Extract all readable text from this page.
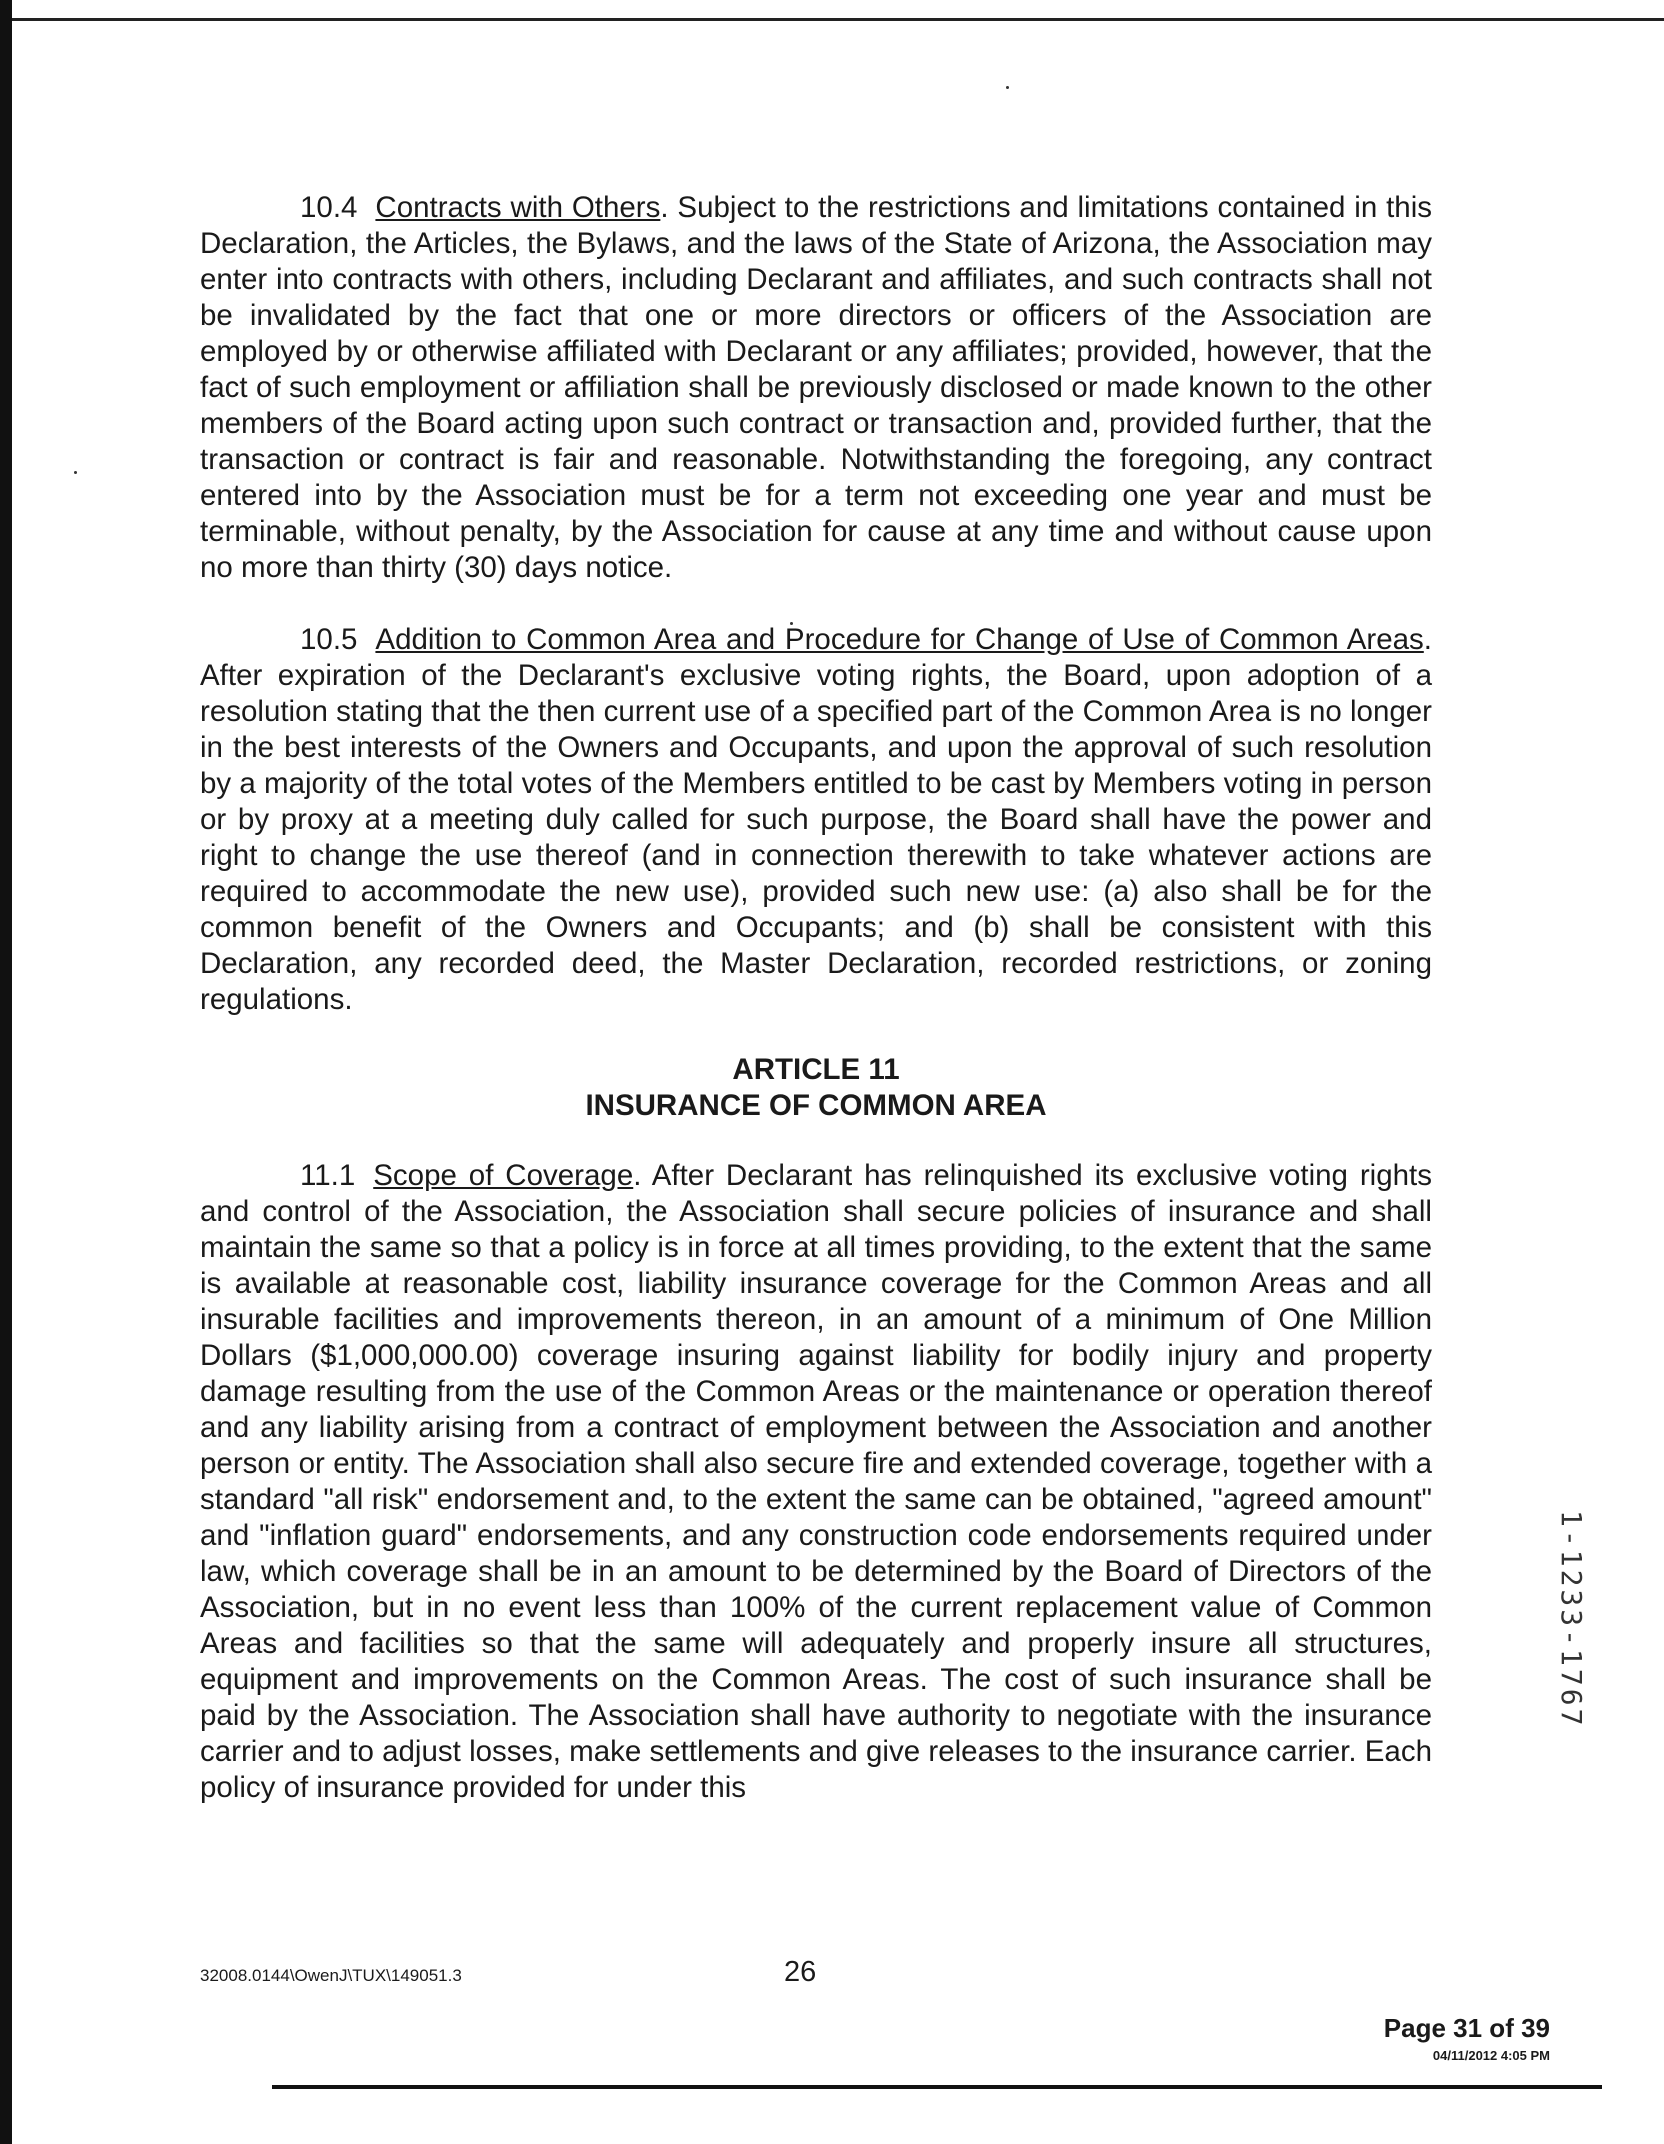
10.4 Contracts with Others. Subject to the restrictions and limitations contained in this Declaration, the Articles, the Bylaws, and the laws of the State of Arizona, the Association may enter into contracts with others, including Declarant and affiliates, and such contracts shall not be invalidated by the fact that one or more directors or officers of the Association are employed by or otherwise affiliated with Declarant or any affiliates; provided, however, that the fact of such employment or affiliation shall be previously disclosed or made known to the other members of the Board acting upon such contract or transaction and, provided further, that the transaction or contract is fair and reasonable. Notwithstanding the foregoing, any contract entered into by the Association must be for a term not exceeding one year and must be terminable, without penalty, by the Association for cause at any time and without cause upon no more than thirty (30) days notice.

10.5 Addition to Common Area and Procedure for Change of Use of Common Areas. After expiration of the Declarant's exclusive voting rights, the Board, upon adoption of a resolution stating that the then current use of a specified part of the Common Area is no longer in the best interests of the Owners and Occupants, and upon the approval of such resolution by a majority of the total votes of the Members entitled to be cast by Members voting in person or by proxy at a meeting duly called for such purpose, the Board shall have the power and right to change the use thereof (and in connection therewith to take whatever actions are required to accommodate the new use), provided such new use: (a) also shall be for the common benefit of the Owners and Occupants; and (b) shall be consistent with this Declaration, any recorded deed, the Master Declaration, recorded restrictions, or zoning regulations.

ARTICLE 11
INSURANCE OF COMMON AREA

11.1 Scope of Coverage. After Declarant has relinquished its exclusive voting rights and control of the Association, the Association shall secure policies of insurance and shall maintain the same so that a policy is in force at all times providing, to the extent that the same is available at reasonable cost, liability insurance coverage for the Common Areas and all insurable facilities and improvements thereon, in an amount of a minimum of One Million Dollars ($1,000,000.00) coverage insuring against liability for bodily injury and property damage resulting from the use of the Common Areas or the maintenance or operation thereof and any liability arising from a contract of employment between the Association and another person or entity. The Association shall also secure fire and extended coverage, together with a standard "all risk" endorsement and, to the extent the same can be obtained, "agreed amount" and "inflation guard" endorsements, and any construction code endorsements required under law, which coverage shall be in an amount to be determined by the Board of Directors of the Association, but in no event less than 100% of the current replacement value of Common Areas and facilities so that the same will adequately and properly insure all structures, equipment and improvements on the Common Areas. The cost of such insurance shall be paid by the Association. The Association shall have authority to negotiate with the insurance carrier and to adjust losses, make settlements and give releases to the insurance carrier. Each policy of insurance provided for under this

1-1233-1767
32008.0144\OwenJ\TUX\149051.3	26
Page 31 of 39
04/11/2012 4:05 PM
